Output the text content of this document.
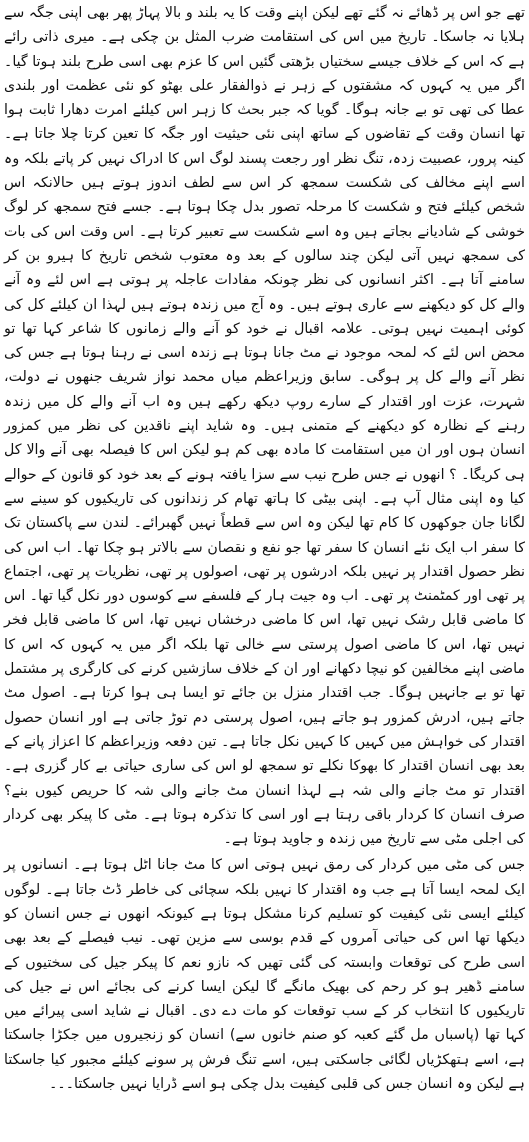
تھے جو اس پر ڈھائے نہ گئے تھے لیکن اپنے وقت کا یہ بلند و بالا پہاڑ پھر بھی اپنی جگہ سے ہلایا نہ جاسکا۔ تاریخ میں اس کی استقامت ضرب المثل بن چکی ہے۔ میری ذاتی رائے ہے کہ اس کے خلاف جیسے سختیاں بڑھتی گئیں اس کا عزم بھی اسی طرح بلند ہوتا گیا۔ اگر میں یہ کہوں کہ مشقتوں کے زہر نے ذوالفقار علی بھٹو کو نئی عظمت اور بلندی عطا کی تھی تو بے جانہ ہوگا۔ گویا کہ جبر بحث کا زہر اس کیلئے امرت دھارا ثابت ہوا تھا انسان وقت کے تقاضوں کے ساتھ اپنی نئی حیثیت اور جگہ کا تعین کرتا چلا جاتا ہے۔ کینہ پرور، عصبیت زدہ، تنگ نظر اور رجعت پسند لوگ اس کا ادراک نہیں کر پاتے بلکہ وہ اسے اپنے مخالف کی شکست سمجھ کر اس سے لطف اندوز ہوتے ہیں حالانکہ اس شخص کیلئے فتح و شکست کا مرحلہ تصور بدل چکا ہوتا ہے۔ جسے فتح سمجھ کر لوگ خوشی کے شادیانے بجاتے ہیں وہ اسے شکست سے تعبیر کرتا ہے۔ اس وقت اس کی بات کی سمجھ نہیں آتی لیکن چند سالوں کے بعد وہ معتوب شخص تاریخ کا ہیرو بن کر سامنے آتا ہے۔ اکثر انسانوں کی نظر چونکہ مفادات عاجلہ پر ہوتی ہے اس لئے وہ آنے والے کل کو دیکھنے سے عاری ہوتے ہیں۔ وہ آج میں زندہ ہوتے ہیں لہذا ان کیلئے کل کی کوئی اہمیت نہیں ہوتی۔ علامہ اقبال نے خود کو آنے والے زمانوں کا شاعر کہا تھا تو محض اس لئے کہ لمحہ موجود نے مٹ جانا ہوتا ہے زندہ اسی نے رہنا ہوتا ہے جس کی نظر آنے والے کل پر ہوگی۔ سابق وزیراعظم میاں محمد نواز شریف جنھوں نے دولت، شہرت، عزت اور اقتدار کے سارے روپ دیکھ رکھے ہیں وہ اب آنے والے کل میں زندہ رہنے کے نظارہ کو دیکھنے کے متمنی ہیں۔ وہ شاید اپنے ناقدین کی نظر میں کمزور انسان ہوں اور ان میں استقامت کا مادہ بھی کم ہو لیکن اس کا فیصلہ بھی آنے والا کل ہی کریگا۔ ؟ انھوں نے جس طرح نیب سے سزا یافتہ ہونے کے بعد خود کو قانون کے حوالے کیا وہ اپنی مثال آپ ہے۔ اپنی بیٹی کا ہاتھ تھام کر زندانوں کی تاریکیوں کو سینے سے لگانا جان جوکھوں کا کام تھا لیکن وہ اس سے قطعاً نہیں گھبرائے۔ لندن سے پاکستان تک کا سفر اب ایک نئے انسان کا سفر تھا جو نفع و نقصان سے بالاتر ہو چکا تھا۔ اب اس کی نظر حصول اقتدار پر نہیں بلکہ ادرشوں پر تھی، اصولوں پر تھی، نظریات پر تھی، اجتماع پر تھی اور کمٹمنٹ پر تھی۔ اب وہ جیت ہار کے فلسفے سے کوسوں دور نکل گیا تھا۔ اس کا ماضی قابل رشک نہیں تھا، اس کا ماضی درخشاں نہیں تھا، اس کا ماضی قابل فخر نہیں تھا، اس کا ماضی اصول پرستی سے خالی تھا بلکہ اگر میں یہ کہوں کہ اس کا ماضی اپنے مخالفین کو نیچا دکھانے اور ان کے خلاف سازشیں کرنے کی کارگری پر مشتمل تھا تو بے جانہیں ہوگا۔ جب اقتدار منزل بن جائے تو ایسا ہی ہوا کرتا ہے۔ اصول مٹ جاتے ہیں، ادرش کمزور ہو جاتے ہیں، اصول پرستی دم توڑ جاتی ہے اور انسان حصول اقتدار کی خواہش میں کہیں کا کہیں نکل جاتا ہے۔ تین دفعہ وزیراعظم کا اعزاز پانے کے بعد بھی انسان اقتدار کا بھوکا نکلے تو سمجھ لو اس کی ساری حیاتی بے کار گزری ہے۔ اقتدار تو مٹ جانے والی شہ ہے لہذا انسان مٹ جانے والی شہ کا حریص کیوں بنے؟ صرف انسان کا کردار باقی رہتا ہے اور اسی کا تذکرہ ہوتا ہے۔ مٹی کا پیکر بھی کردار کی اجلی مٹی سے تاریخ میں زندہ و جاوید ہوتا ہے۔

جس کی مٹی میں کردار کی رمق نہیں ہوتی اس کا مٹ جانا اٹل ہوتا ہے۔ انسانوں پر ایک لمحہ ایسا آتا ہے جب وہ اقتدار کا نہیں بلکہ سچائی کی خاطر ڈٹ جاتا ہے۔ لوگوں کیلئے ایسی نئی کیفیت کو تسلیم کرنا مشکل ہوتا ہے کیونکہ انھوں نے جس انسان کو دیکھا تھا اس کی حیاتی آمروں کے قدم بوسی سے مزین تھی۔ نیب فیصلے کے بعد بھی اسی طرح کی توقعات وابستہ کی گئی تھیں کہ نازو نعم کا پیکر جیل کی سختیوں کے سامنے ڈھیر ہو کر رحم کی بھیک مانگے گا لیکن ایسا کرنے کی بجائے اس نے جیل کی تاریکیوں کا انتخاب کر کے سب توقعات کو مات دے دی۔ اقبال نے شاید اسی پیرائے میں کہا تھا (پاسباں مل گئے کعبہ کو صنم خانوں سے) انسان کو زنجیروں میں جکڑا جاسکتا ہے، اسے ہتھکڑیاں لگائی جاسکتی ہیں، اسے تنگ فرش پر سونے کیلئے مجبور کیا جاسکتا ہے لیکن وہ انسان جس کی قلبی کیفیت بدل چکی ہو اسے ڈرایا نہیں جاسکتا۔۔۔
